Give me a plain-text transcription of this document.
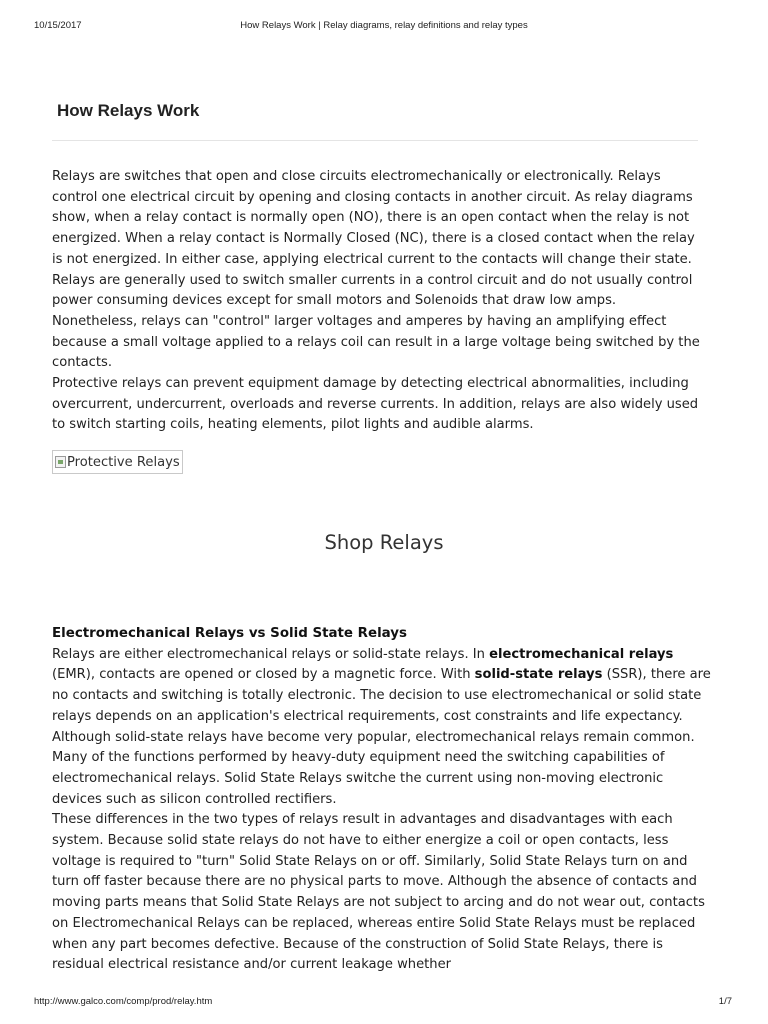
10/15/2017	How Relays Work | Relay diagrams, relay definitions and relay types
How Relays Work

Relays are switches that open and close circuits electromechanically or electronically. Relays control one electrical circuit by opening and closing contacts in another circuit. As relay diagrams show, when a relay contact is normally open (NO), there is an open contact when the relay is not energized. When a relay contact is Normally Closed (NC), there is a closed contact when the relay is not energized. In either case, applying electrical current to the contacts will change their state.

Relays are generally used to switch smaller currents in a control circuit and do not usually control power consuming devices except for small motors and Solenoids that draw low amps. Nonetheless, relays can "control" larger voltages and amperes by having an amplifying effect because a small voltage applied to a relays coil can result in a large voltage being switched by the contacts.

Protective relays can prevent equipment damage by detecting electrical abnormalities, including overcurrent, undercurrent, overloads and reverse currents. In addition, relays are also widely used to switch starting coils, heating elements, pilot lights and audible alarms.

Protective Relays
Shop Relays
Electromechanical Relays vs Solid State Relays

Relays are either electromechanical relays or solid-state relays. In electromechanical relays (EMR), contacts are opened or closed by a magnetic force. With solid-state relays (SSR), there are no contacts and switching is totally electronic. The decision to use electromechanical or solid state relays depends on an application's electrical requirements, cost constraints and life expectancy. Although solid-state relays have become very popular, electromechanical relays remain common. Many of the functions performed by heavy-duty equipment need the switching capabilities of electromechanical relays. Solid State Relays switche the current using non-moving electronic devices such as silicon controlled rectifiers.

These differences in the two types of relays result in advantages and disadvantages with each system. Because solid state relays do not have to either energize a coil or open contacts, less voltage is required to "turn" Solid State Relays on or off. Similarly, Solid State Relays turn on and turn off faster because there are no physical parts to move. Although the absence of contacts and moving parts means that Solid State Relays are not subject to arcing and do not wear out, contacts on Electromechanical Relays can be replaced, whereas entire Solid State Relays must be replaced when any part becomes defective. Because of the construction of Solid State Relays, there is residual electrical resistance and/or current leakage whether

http://www.galco.com/comp/prod/relay.htm	1/7
